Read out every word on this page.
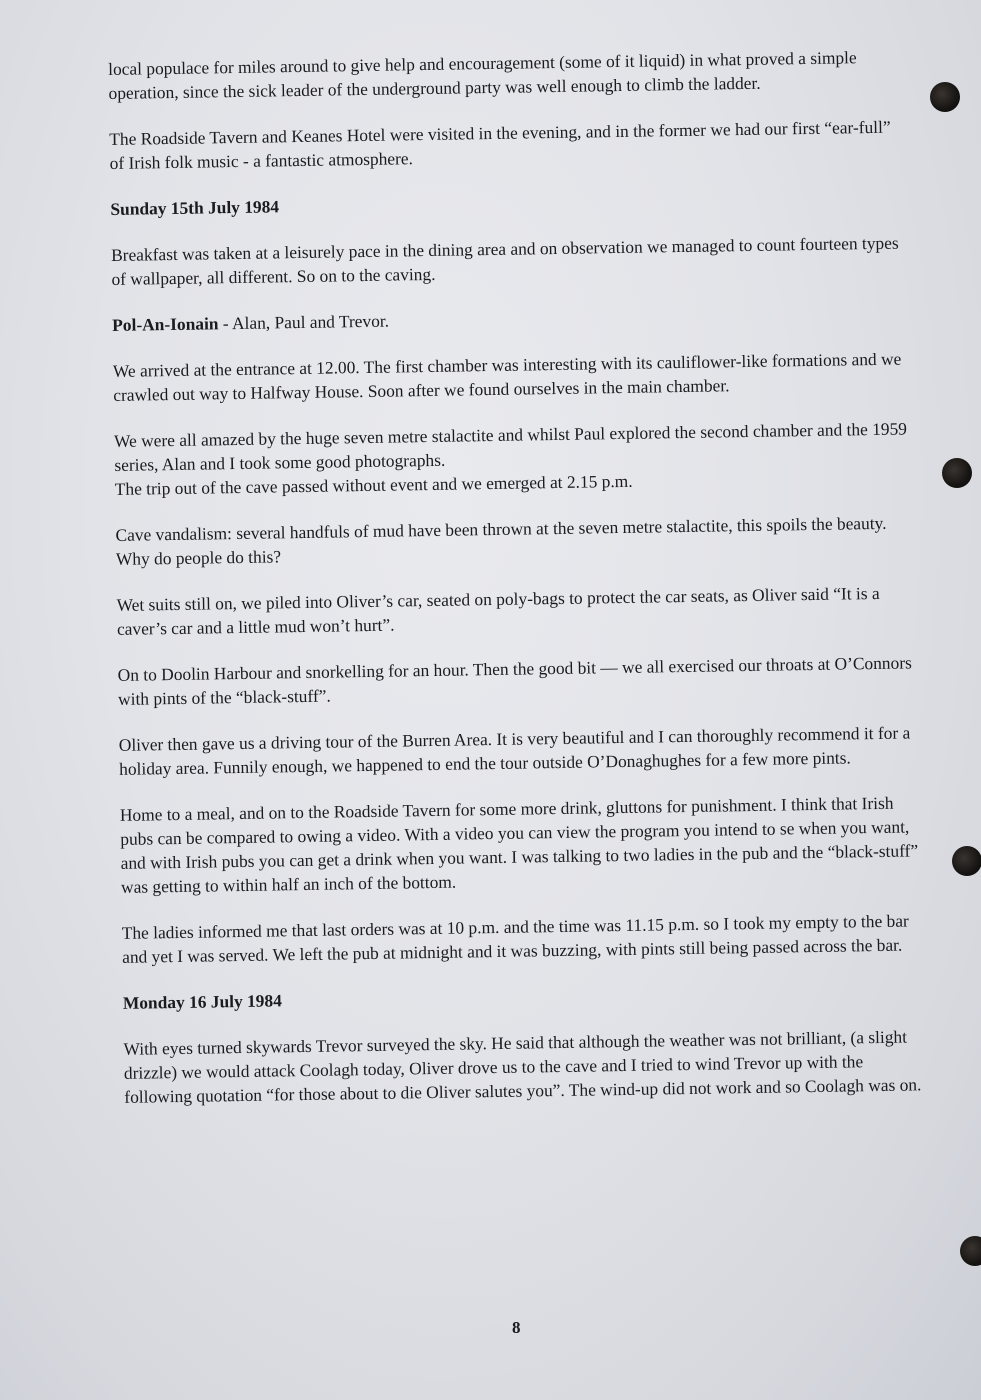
local populace for miles around to give help and encouragement (some of it liquid) in what proved a simple operation, since the sick leader of the underground party was well enough to climb the ladder.

The Roadside Tavern and Keanes Hotel were visited in the evening, and in the former we had our first “ear-full” of Irish folk music - a fantastic atmosphere.

Sunday 15th July 1984

Breakfast was taken at a leisurely pace in the dining area and on observation we managed to count fourteen types of wallpaper, all different. So on to the caving.

Pol-An-Ionain - Alan, Paul and Trevor.

We arrived at the entrance at 12.00. The first chamber was interesting with its cauliflower-like formations and we crawled out way to Halfway House. Soon after we found ourselves in the main chamber.

We were all amazed by the huge seven metre stalactite and whilst Paul explored the second chamber and the 1959 series, Alan and I took some good photographs.
The trip out of the cave passed without event and we emerged at 2.15 p.m.

Cave vandalism: several handfuls of mud have been thrown at the seven metre stalactite, this spoils the beauty. Why do people do this?

Wet suits still on, we piled into Oliver’s car, seated on poly-bags to protect the car seats, as Oliver said “It is a caver’s car and a little mud won’t hurt”.

On to Doolin Harbour and snorkelling for an hour. Then the good bit — we all exercised our throats at O’Connors with pints of the “black-stuff”.

Oliver then gave us a driving tour of the Burren Area. It is very beautiful and I can thoroughly recommend it for a holiday area. Funnily enough, we happened to end the tour outside O’Donaghughes for a few more pints.

Home to a meal, and on to the Roadside Tavern for some more drink, gluttons for punishment. I think that Irish pubs can be compared to owing a video. With a video you can view the program you intend to se when you want, and with Irish pubs you can get a drink when you want. I was talking to two ladies in the pub and the “black-stuff” was getting to within half an inch of the bottom.

The ladies informed me that last orders was at 10 p.m. and the time was 11.15 p.m. so I took my empty to the bar and yet I was served. We left the pub at midnight and it was buzzing, with pints still being passed across the bar.

Monday 16 July 1984

With eyes turned skywards Trevor surveyed the sky. He said that although the weather was not brilliant, (a slight drizzle) we would attack Coolagh today, Oliver drove us to the cave and I tried to wind Trevor up with the following quotation “for those about to die Oliver salutes you”. The wind-up did not work and so Coolagh was on.

8
